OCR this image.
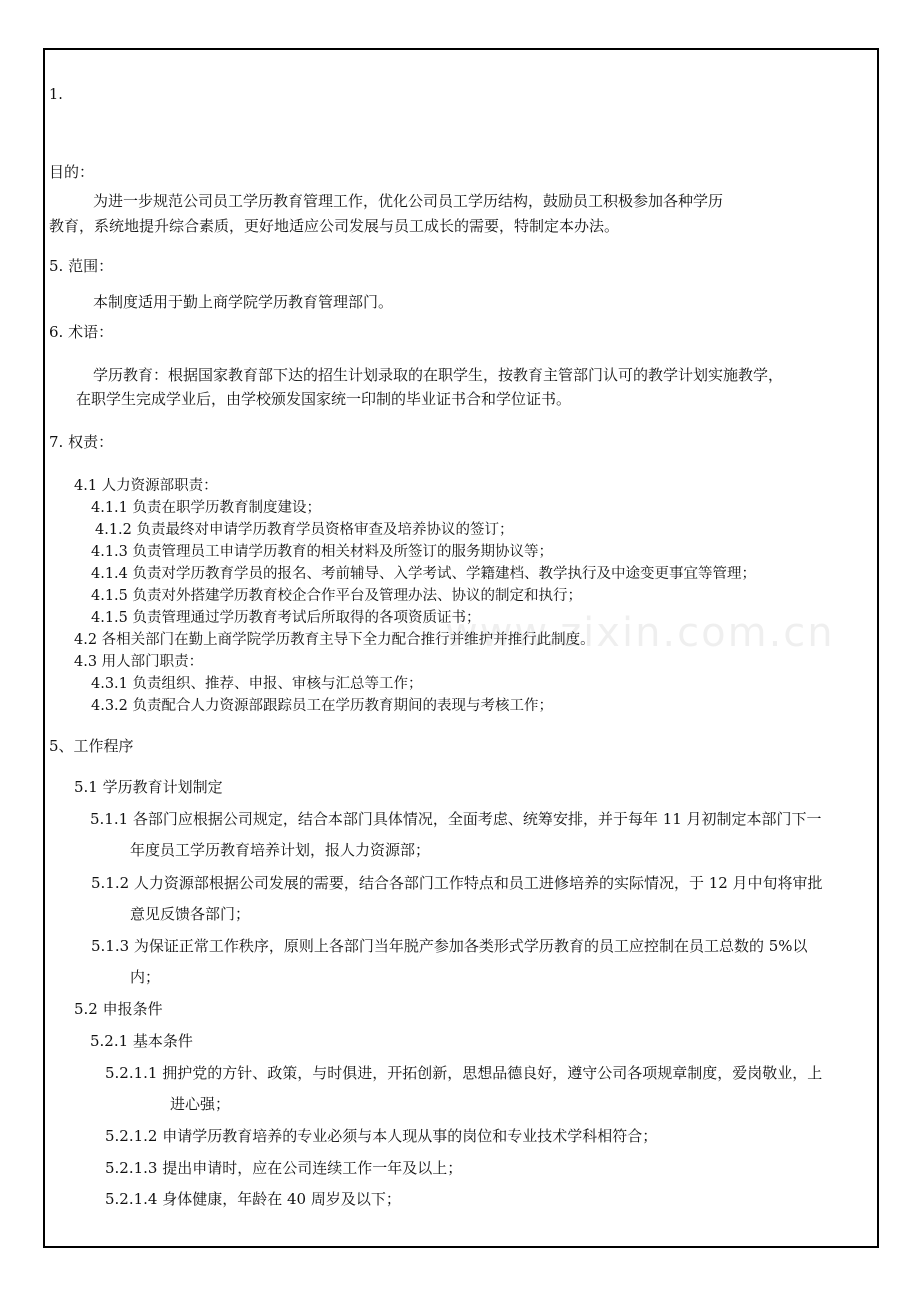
www.zixin.com.cn
1.
目的：
为进一步规范公司员工学历教育管理工作，优化公司员工学历结构，鼓励员工积极参加各种学历
教育，系统地提升综合素质，更好地适应公司发展与员工成长的需要，特制定本办法。
5. 范围：
本制度适用于勤上商学院学历教育管理部门。
6. 术语：
学历教育：根据国家教育部下达的招生计划录取的在职学生，按教育主管部门认可的教学计划实施教学，
在职学生完成学业后，由学校颁发国家统一印制的毕业证书合和学位证书。
7. 权责：
4.1 人力资源部职责：
4.1.1 负责在职学历教育制度建设；
4.1.2 负责最终对申请学历教育学员资格审查及培养协议的签订；
4.1.3 负责管理员工申请学历教育的相关材料及所签订的服务期协议等；
4.1.4 负责对学历教育学员的报名、考前辅导、入学考试、学籍建档、教学执行及中途变更事宜等管理；
4.1.5 负责对外搭建学历教育校企合作平台及管理办法、协议的制定和执行；
4.1.5 负责管理通过学历教育考试后所取得的各项资质证书；
4.2 各相关部门在勤上商学院学历教育主导下全力配合推行并维护并推行此制度。
4.3 用人部门职责：
4.3.1 负责组织、推荐、申报、审核与汇总等工作；
4.3.2 负责配合人力资源部跟踪员工在学历教育期间的表现与考核工作；
5、工作程序
5.1 学历教育计划制定
5.1.1 各部门应根据公司规定，结合本部门具体情况，全面考虑、统筹安排，并于每年 11 月初制定本部门下一
年度员工学历教育培养计划，报人力资源部；
5.1.2 人力资源部根据公司发展的需要，结合各部门工作特点和员工进修培养的实际情况，于 12 月中旬将审批
意见反馈各部门；
5.1.3 为保证正常工作秩序，原则上各部门当年脱产参加各类形式学历教育的员工应控制在员工总数的 5%以
内；
5.2 申报条件
5.2.1 基本条件
5.2.1.1 拥护党的方针、政策，与时俱进，开拓创新，思想品德良好，遵守公司各项规章制度，爱岗敬业，上
进心强；
5.2.1.2 申请学历教育培养的专业必须与本人现从事的岗位和专业技术学科相符合；
5.2.1.3 提出申请时，应在公司连续工作一年及以上；
5.2.1.4 身体健康，年龄在 40 周岁及以下；
